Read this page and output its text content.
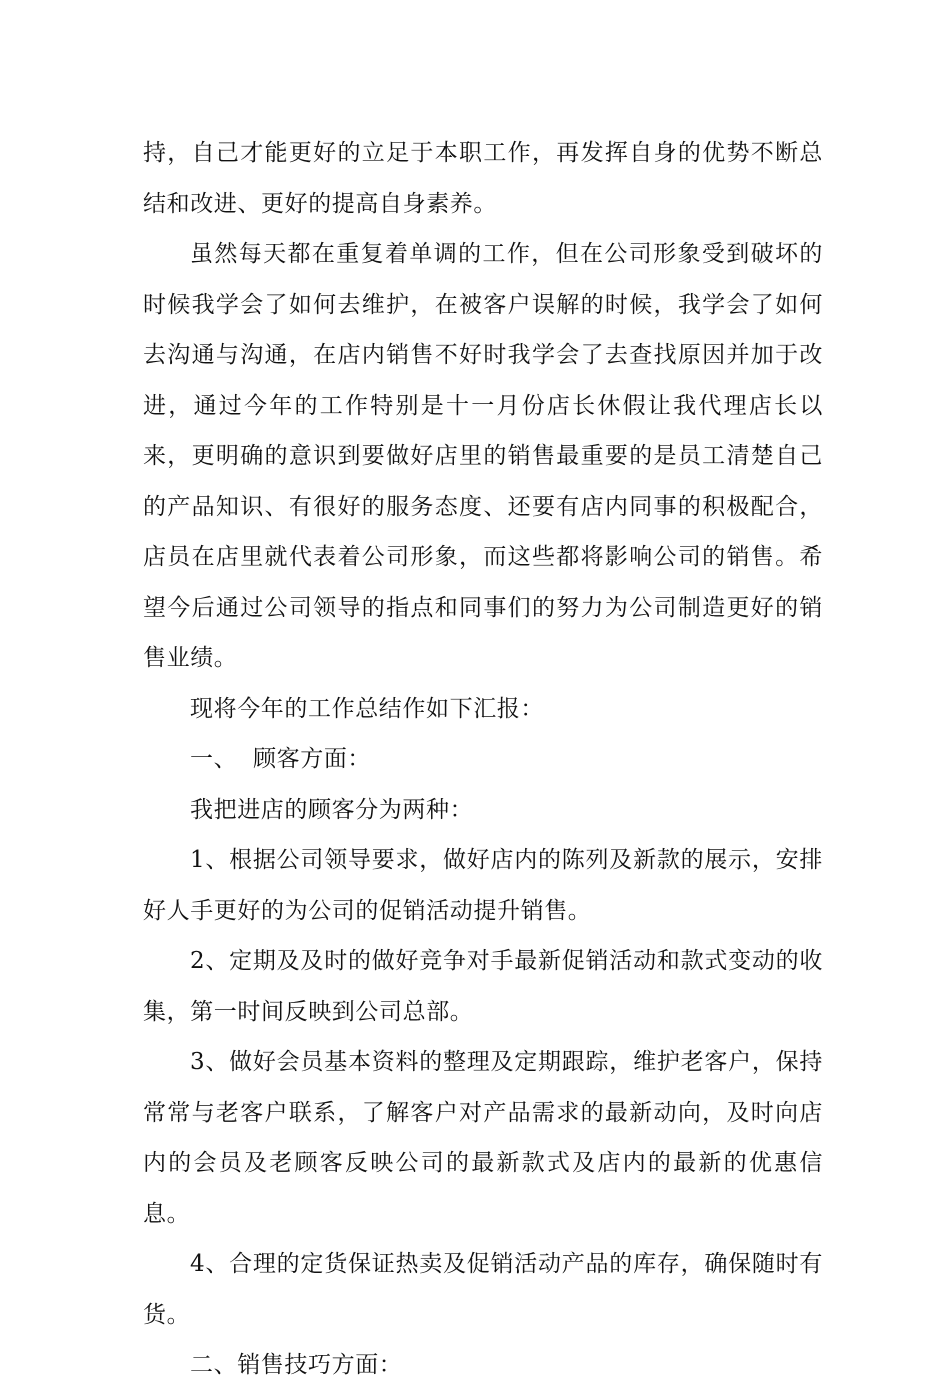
持，自己才能更好的立足于本职工作，再发挥自身的优势不断总结和改进、更好的提高自身素养。

虽然每天都在重复着单调的工作，但在公司形象受到破坏的时候我学会了如何去维护，在被客户误解的时候，我学会了如何去沟通与沟通，在店内销售不好时我学会了去查找原因并加于改进，通过今年的工作特别是十一月份店长休假让我代理店长以来，更明确的意识到要做好店里的销售最重要的是员工清楚自己的产品知识、有很好的服务态度、还要有店内同事的积极配合，店员在店里就代表着公司形象，而这些都将影响公司的销售。希望今后通过公司领导的指点和同事们的努力为公司制造更好的销售业绩。

现将今年的工作总结作如下汇报：

一、  顾客方面：

我把进店的顾客分为两种：

1、根据公司领导要求，做好店内的陈列及新款的展示，安排好人手更好的为公司的促销活动提升销售。

2、定期及及时的做好竞争对手最新促销活动和款式变动的收集，第一时间反映到公司总部。

3、做好会员基本资料的整理及定期跟踪，维护老客户，保持常常与老客户联系，了解客户对产品需求的最新动向，及时向店内的会员及老顾客反映公司的最新款式及店内的最新的优惠信息。

4、合理的定货保证热卖及促销活动产品的库存，确保随时有货。

二、销售技巧方面：
